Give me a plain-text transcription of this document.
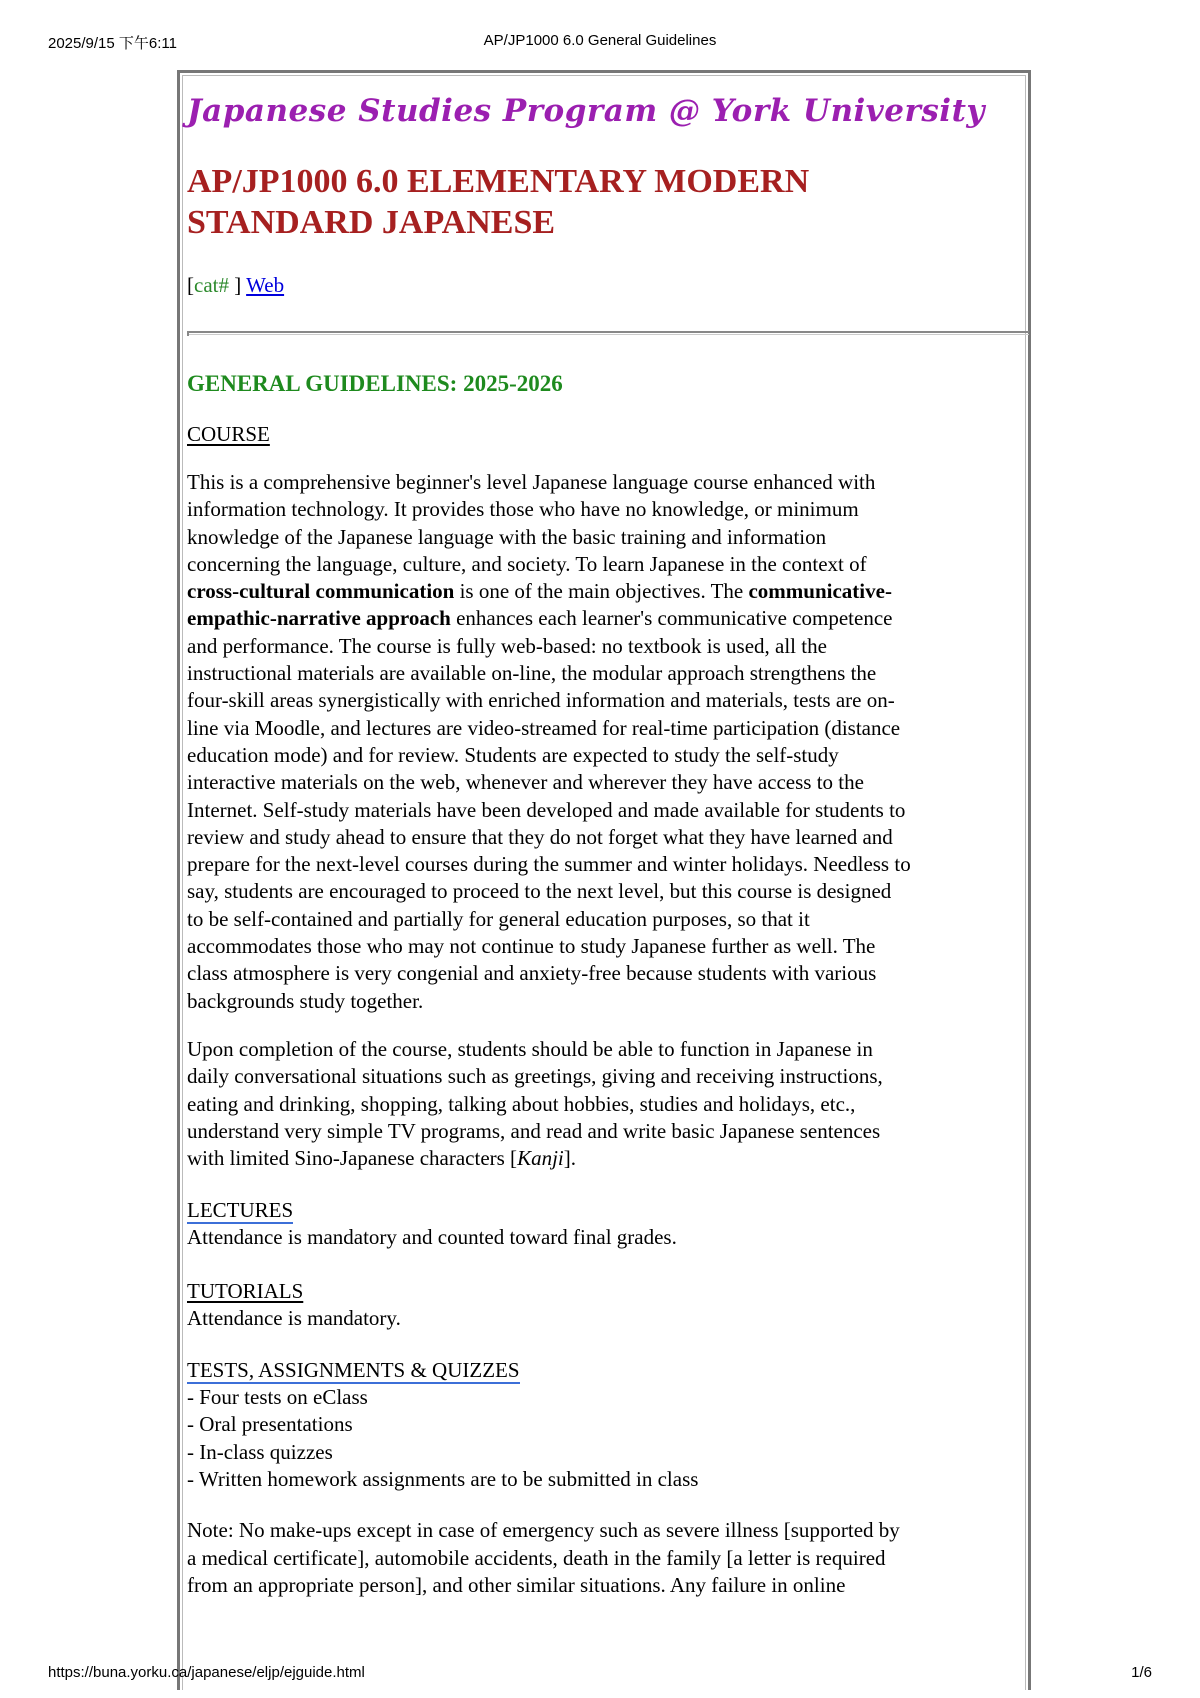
2025/9/15 下午6:11	AP/JP1000 6.0 General Guidelines
Japanese Studies Program @ York University
AP/JP1000 6.0 ELEMENTARY MODERN
STANDARD JAPANESE
[cat# ] Web
GENERAL GUIDELINES: 2025-2026
COURSE

This is a comprehensive beginner's level Japanese language course enhanced with

information technology. It provides those who have no knowledge, or minimum

knowledge of the Japanese language with the basic training and information

concerning the language, culture, and society. To learn Japanese in the context of

cross-cultural communication is one of the main objectives. The communicative-

empathic-narrative approach enhances each learner's communicative competence

and performance. The course is fully web-based: no textbook is used, all the

instructional materials are available on-line, the modular approach strengthens the

four-skill areas synergistically with enriched information and materials, tests are on-

line via Moodle, and lectures are video-streamed for real-time participation (distance

education mode) and for review. Students are expected to study the self-study

interactive materials on the web, whenever and wherever they have access to the

Internet. Self-study materials have been developed and made available for students to

review and study ahead to ensure that they do not forget what they have learned and

prepare for the next-level courses during the summer and winter holidays. Needless to

say, students are encouraged to proceed to the next level, but this course is designed

to be self-contained and partially for general education purposes, so that it

accommodates those who may not continue to study Japanese further as well. The

class atmosphere is very congenial and anxiety-free because students with various

backgrounds study together.

Upon completion of the course, students should be able to function in Japanese in

daily conversational situations such as greetings, giving and receiving instructions,

eating and drinking, shopping, talking about hobbies, studies and holidays, etc.,

understand very simple TV programs, and read and write basic Japanese sentences

with limited Sino-Japanese characters [Kanji].

LECTURES

Attendance is mandatory and counted toward final grades.

TUTORIALS

Attendance is mandatory.

TESTS, ASSIGNMENTS & QUIZZES
- Four tests on eClass
- Oral presentations
- In-class quizzes
- Written homework assignments are to be submitted in class

Note: No make-ups except in case of emergency such as severe illness [supported by

a medical certificate], automobile accidents, death in the family [a letter is required

from an appropriate person], and other similar situations. Any failure in online

https://buna.yorku.ca/japanese/eljp/ejguide.html	1/6
